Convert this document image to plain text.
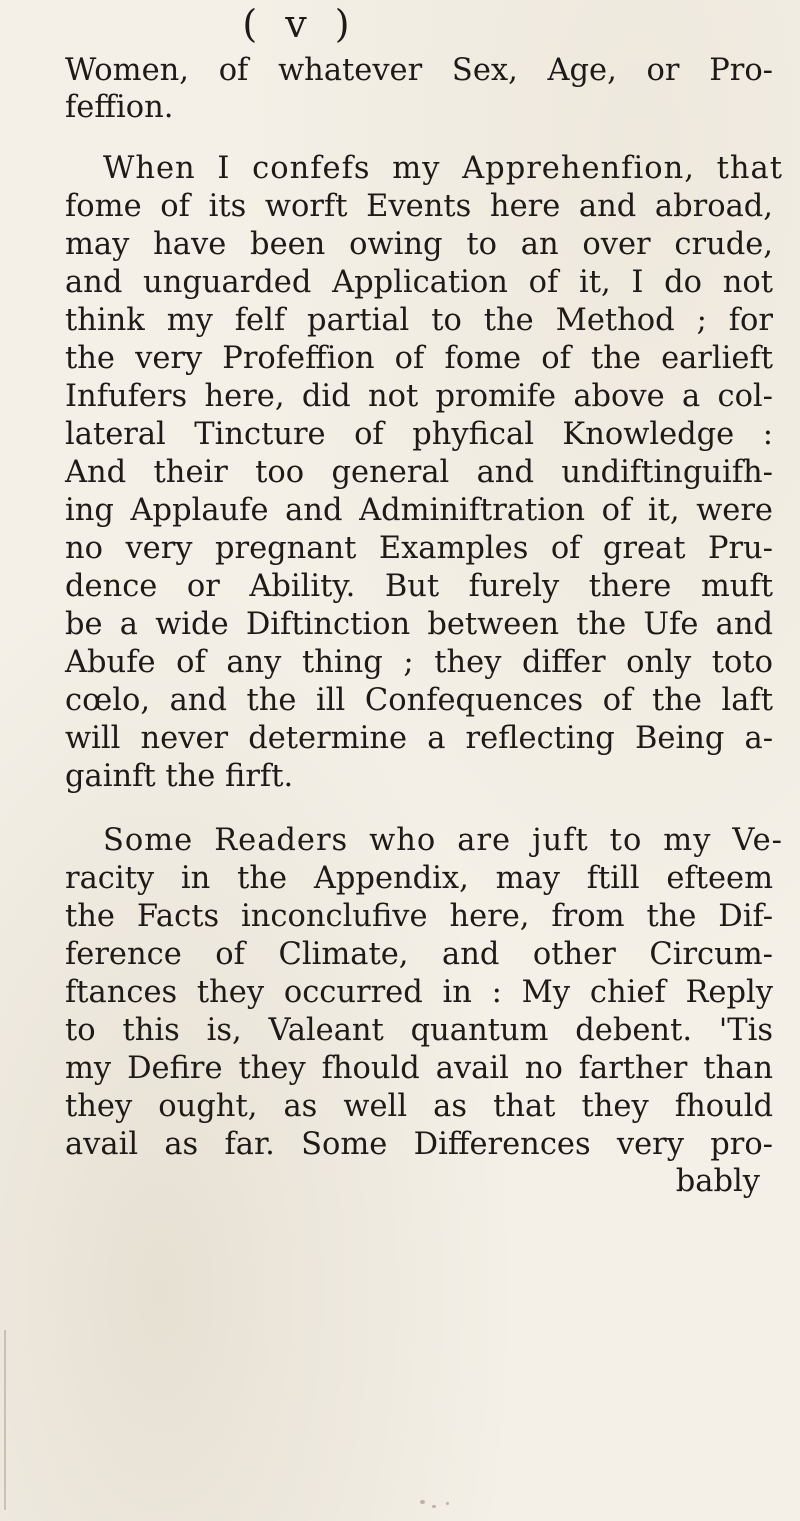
( v )
Women, of whatever Sex, Age, or Pro-
feffion.
When I confefs my Apprehenfion, that
fome of its worft Events here and abroad,
may have been owing to an over crude,
and unguarded Application of it, I do not
think my felf partial to the Method ; for
the very Profeffion of fome of the earlieft
Infufers here, did not promife above a col-
lateral Tincture of phyfical Knowledge :
And their too general and undiftinguifh-
ing Applaufe and Adminiftration of it, were
no very pregnant Examples of great Pru-
dence or Ability. But furely there muft
be a wide Diftinction between the Ufe and
Abufe of any thing ; they differ only toto
cœlo, and the ill Confequences of the laft
will never determine a reflecting Being a-
gainft the firft.
Some Readers who are juft to my Ve-
racity in the Appendix, may ftill efteem
the Facts inconclufive here, from the Dif-
ference of Climate, and other Circum-
ftances they occurred in : My chief Reply
to this is, Valeant quantum debent. 'Tis
my Defire they fhould avail no farther than
they ought, as well as that they fhould
avail as far. Some Differences very pro-
bably
